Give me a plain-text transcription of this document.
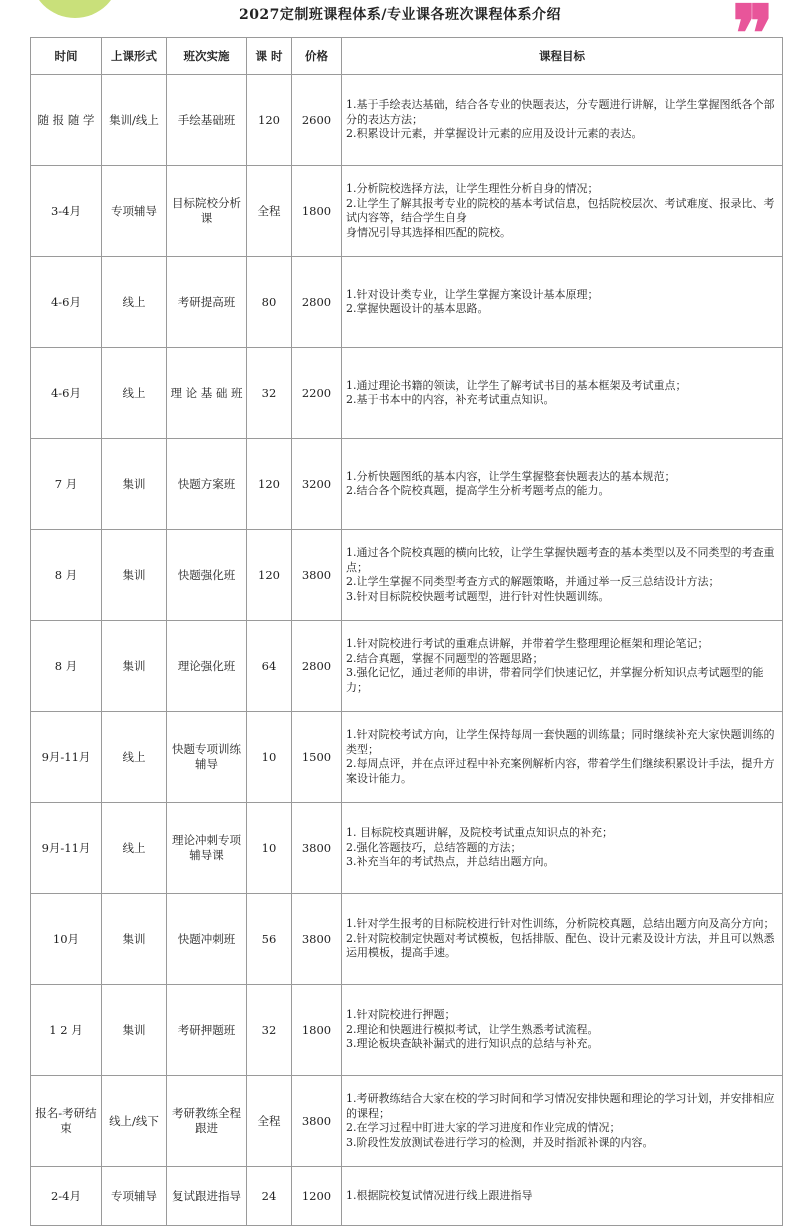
2027定制班课程体系/专业课各班次课程体系介绍
时间	上课形式	班次实施	课 时	价格	课程目标
随 报 随 学	集训/线上	手绘基础班	120	2600	1.基于手绘表达基础，结合各专业的快题表达，分专题进行讲解，让学生掌握图纸各个部分的表达方法；
2.积累设计元素，并掌握设计元素的应用及设计元素的表达。

3-4月	专项辅导	目标院校分析课	全程	1800	1.分析院校选择方法，让学生理性分析自身的情况；
2.让学生了解其报考专业的院校的基本考试信息，包括院校层次、考试难度、报录比、考试内容等，结合学生自身
身情况引导其选择相匹配的院校。

4-6月	线上	考研提高班	80	2800	1.针对设计类专业，让学生掌握方案设计基本原理；
2.掌握快题设计的基本思路。

4-6月	线上	理 论 基 础 班	32	2200	1.通过理论书籍的领读，让学生了解考试书目的基本框架及考试重点；
2.基于书本中的内容，补充考试重点知识。

7 月	集训	快题方案班	120	3200	1.分析快题图纸的基本内容，让学生掌握整套快题表达的基本规范；
2.结合各个院校真题，提高学生分析考题考点的能力。

8 月	集训	快题强化班	120	3800	1.通过各个院校真题的横向比较，让学生掌握快题考查的基本类型以及不同类型的考查重点；
2.让学生掌握不同类型考查方式的解题策略，并通过举一反三总结设计方法；
3.针对目标院校快题考试题型，进行针对性快题训练。

8 月	集训	理论强化班	64	2800	1.针对院校进行考试的重难点讲解，并带着学生整理理论框架和理论笔记；
2.结合真题，掌握不同题型的答题思路；
3.强化记忆，通过老师的串讲，带着同学们快速记忆，并掌握分析知识点考试题型的能力；

9月-11月	线上	快题专项训练辅导	10	1500	1.针对院校考试方向，让学生保持每周一套快题的训练量；同时继续补充大家快题训练的类型；
2.每周点评，并在点评过程中补充案例解析内容，带着学生们继续积累设计手法，提升方案设计能力。

9月-11月	线上	理论冲刺专项辅导课	10	3800	1. 目标院校真题讲解，及院校考试重点知识点的补充；
2.强化答题技巧，总结答题的方法；
3.补充当年的考试热点，并总结出题方向。

10月	集训	快题冲刺班	56	3800	1.针对学生报考的目标院校进行针对性训练，分析院校真题，总结出题方向及高分方向；
2.针对院校制定快题对考试模板，包括排版、配色、设计元素及设计方法，并且可以熟悉运用模板，提高手速。

1 2 月	集训	考研押题班	32	1800	1.针对院校进行押题；
2.理论和快题进行模拟考试，让学生熟悉考试流程。
3.理论板块查缺补漏式的进行知识点的总结与补充。

报名-考研结束	线上/线下	考研教练全程跟进	全程	3800	1.考研教练结合大家在校的学习时间和学习情况安排快题和理论的学习计划，并安排相应的课程；
2.在学习过程中盯进大家的学习进度和作业完成的情况；
3.阶段性发放测试卷进行学习的检测，并及时指派补课的内容。

2-4月	专项辅导	复试跟进指导	24	1200	1.根据院校复试情况进行线上跟进指导
